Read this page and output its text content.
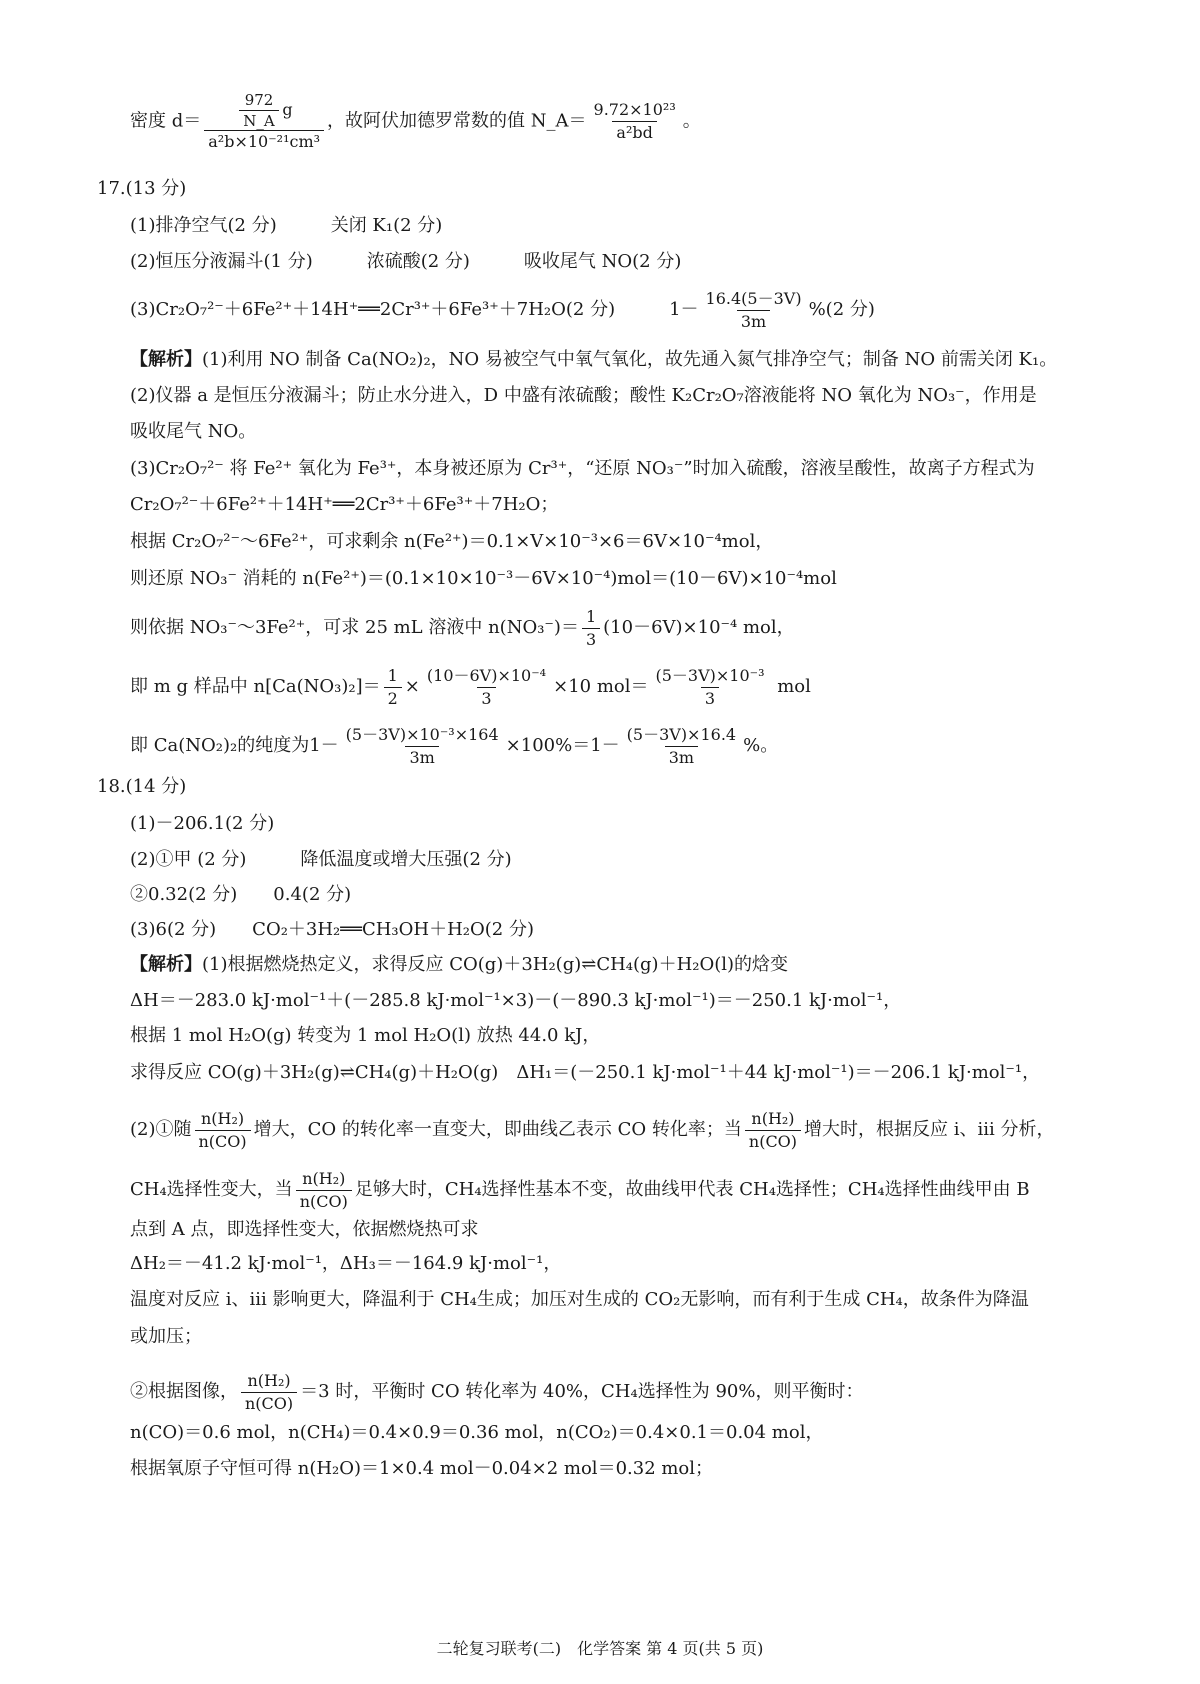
密度 $d= \frac{\frac{972}{N\_A} g}{\text{a²b×10⁻²¹cm³}}$ ，故阿伏加德罗常数的值 N_A＝ $\frac{\text{9.72×10²³}}{\text{a²bd}}$ 。
17.(13 分)
(1)排净空气(2 分)　　　关闭 K₁(2 分)
(2)恒压分液漏斗(1 分)　　　浓硫酸(2 分)　　　吸收尾气 NO(2 分)
(3)Cr₂O₇²⁻＋6Fe²⁺＋14H⁺══2Cr³⁺＋6Fe³⁺＋7H₂O(2 分)　　　$1- \frac{16.4(5-3V)}{3m} \%(2$ 分)
【解析】(1)利用 NO 制备 Ca(NO₂)₂，NO 易被空气中氧气氧化，故先通入氮气排净空气；制备 NO 前需关闭 K₁。
(2)仪器 a 是恒压分液漏斗；防止水分进入，D 中盛有浓硫酸；酸性 K₂Cr₂O₇溶液能将 NO 氧化为 NO₃⁻，作用是
吸收尾气 NO。
(3)Cr₂O₇²⁻ 将 Fe²⁺ 氧化为 Fe³⁺，本身被还原为 Cr³⁺，“还原 NO₃⁻”时加入硫酸，溶液呈酸性，故离子方程式为
Cr₂O₇²⁻＋6Fe²⁺＋14H⁺══2Cr³⁺＋6Fe³⁺＋7H₂O；
根据 Cr₂O₇²⁻～6Fe²⁺，可求剩余 n(Fe²⁺)＝0.1×V×10⁻³×6＝6V×10⁻⁴mol，
则还原 NO₃⁻ 消耗的 n(Fe²⁺)＝(0.1×10×10⁻³－6V×10⁻⁴)mol＝(10－6V)×10⁻⁴mol
则依据 NO₃⁻～3Fe²⁺，可求 25 mL 溶液中 $n(NO_3^-)= \frac{1}{3} (10-6V)\times 10^{-4}$ mol，
即 m g 样品中 $n[Ca(NO_3)_2]= \frac{1}{2} \times \frac{\text{(10－6V)×10⁻⁴}}{3} \times 10$ $mol= \frac{\text{(5－3V)×10⁻³}}{3}$ mol
即 Ca(NO₂)₂的纯度为$1- \frac{\text{(5－3V)×10⁻³×164}}{3m} \times 100\%=1- \frac{(5-3V)\times 16.4}{3m}$ %。
18.(14 分)
(1)－206.1(2 分)
(2)①甲 (2 分)　　　降低温度或增大压强(2 分)
②0.32(2 分)　　0.4(2 分)
(3)6(2 分)　　CO₂＋3H₂══CH₃OH＋H₂O(2 分)
【解析】(1)根据燃烧热定义，求得反应 CO(g)＋3H₂(g)⇌CH₄(g)＋H₂O(l)的焓变
ΔH＝－283.0 kJ·mol⁻¹＋(－285.8 kJ·mol⁻¹×3)－(－890.3 kJ·mol⁻¹)＝－250.1 kJ·mol⁻¹，
根据 1 mol H₂O(g) 转变为 1 mol H₂O(l) 放热 44.0 kJ，
求得反应 CO(g)＋3H₂(g)⇌CH₄(g)＋H₂O(g)　ΔH₁＝(－250.1 kJ·mol⁻¹＋44 kJ·mol⁻¹)＝－206.1 kJ·mol⁻¹，
(2)①随 $\frac{\text{n(H₂)}}{n(CO)}$ 增大，CO 的转化率一直变大，即曲线乙表示 CO 转化率；当 $\frac{\text{n(H₂)}}{n(CO)}$ 增大时，根据反应 ⅰ、ⅲ 分析，
CH₄选择性变大，当 $\frac{\text{n(H₂)}}{n(CO)}$ 足够大时，CH₄选择性基本不变，故曲线甲代表 CH₄选择性；CH₄选择性曲线甲由 B
点到 A 点，即选择性变大，依据燃烧热可求
ΔH₂＝－41.2 kJ·mol⁻¹，ΔH₃＝－164.9 kJ·mol⁻¹，
温度对反应 ⅰ、ⅲ 影响更大，降温利于 CH₄生成；加压对生成的 CO₂无影响，而有利于生成 CH₄，故条件为降温
或加压；
②根据图像， $\frac{\text{n(H₂)}}{n(CO)} =3$ 时，平衡时 CO 转化率为 40%，CH₄选择性为 90%，则平衡时：
n(CO)＝0.6 mol，n(CH₄)＝0.4×0.9＝0.36 mol，n(CO₂)＝0.4×0.1＝0.04 mol，
根据氧原子守恒可得 n(H₂O)＝1×0.4 mol－0.04×2 mol＝0.32 mol；
二轮复习联考(二)　化学答案 第 4 页(共 5 页)
